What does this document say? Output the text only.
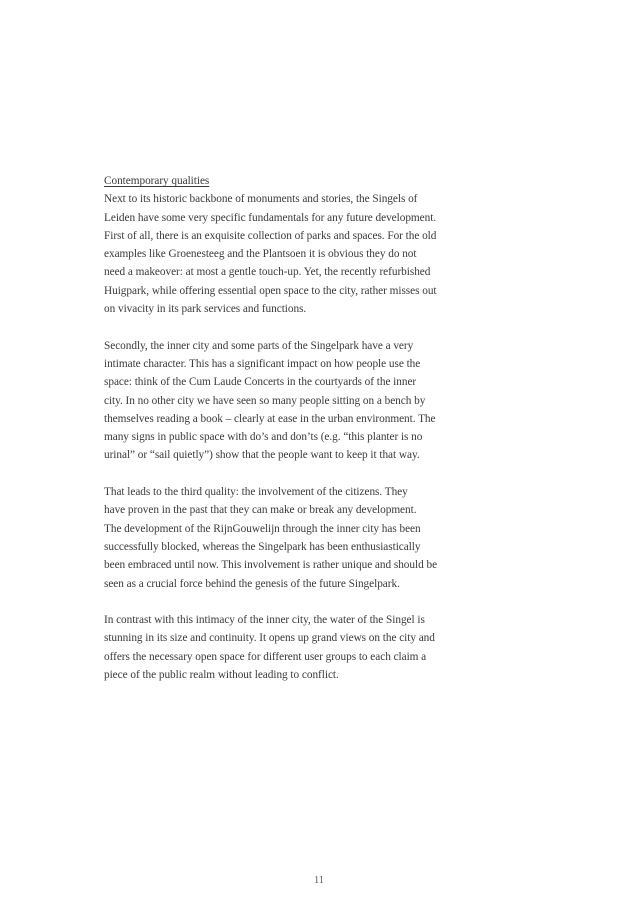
Contemporary qualities
Next to its historic backbone of monuments and stories, the Singels of
Leiden have some very specific fundamentals for any future development.
First of all, there is an exquisite collection of parks and spaces. For the old
examples like Groenesteeg and the Plantsoen it is obvious they do not
need a makeover: at most a gentle touch-up. Yet, the recently refurbished
Huigpark, while offering essential open space to the city, rather misses out
on vivacity in its park services and functions.
Secondly, the inner city and some parts of the Singelpark have a very
intimate character. This has a significant impact on how people use the
space: think of the Cum Laude Concerts in the courtyards of the inner
city. In no other city we have seen so many people sitting on a bench by
themselves reading a book – clearly at ease in the urban environment. The
many signs in public space with do’s and don’ts (e.g. “this planter is no
urinal” or “sail quietly”) show that the people want to keep it that way.
That leads to the third quality: the involvement of the citizens. They
have proven in the past that they can make or break any development.
The development of the RijnGouwelijn through the inner city has been
successfully blocked, whereas the Singelpark has been enthusiastically
been embraced until now. This involvement is rather unique and should be
seen as a crucial force behind the genesis of the future Singelpark.
In contrast with this intimacy of the inner city, the water of the Singel is
stunning in its size and continuity. It opens up grand views on the city and
offers the necessary open space for different user groups to each claim a
piece of the public realm without leading to conflict.
11
